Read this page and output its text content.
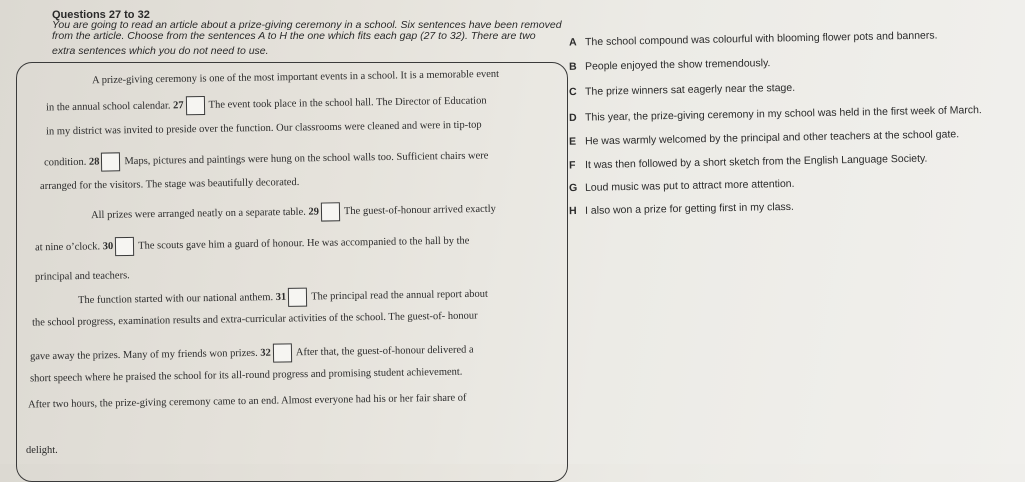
Questions 27 to 32
You are going to read an article about a prize-giving ceremony in a school. Six sentences have been removed
from the article. Choose from the sentences A to H the one which fits each gap (27 to 32). There are two
extra sentences which you do not need to use.
A prize-giving ceremony is one of the most important events in a school. It is a memorable event
in the annual school calendar. 27 The event took place in the school hall. The Director of Education
in my district was invited to preside over the function. Our classrooms were cleaned and were in tip-top
condition. 28 Maps, pictures and paintings were hung on the school walls too. Sufficient chairs were
arranged for the visitors. The stage was beautifully decorated.
All prizes were arranged neatly on a separate table. 29 The guest-of-honour arrived exactly
at nine o’clock. 30 The scouts gave him a guard of honour. He was accompanied to the hall by the
principal and teachers.
The function started with our national anthem. 31 The principal read the annual report about
the school progress, examination results and extra-curricular activities of the school. The guest-of- honour
gave away the prizes. Many of my friends won prizes. 32 After that, the guest-of-honour delivered a
short speech where he praised the school for its all-round progress and promising student achievement.
After two hours, the prize-giving ceremony came to an end. Almost everyone had his or her fair share of
delight.
A The school compound was colourful with blooming flower pots and banners.
B People enjoyed the show tremendously.
C The prize winners sat eagerly near the stage.
D This year, the prize-giving ceremony in my school was held in the first week of March.
E He was warmly welcomed by the principal and other teachers at the school gate.
F It was then followed by a short sketch from the English Language Society.
G Loud music was put to attract more attention.
H I also won a prize for getting first in my class.
